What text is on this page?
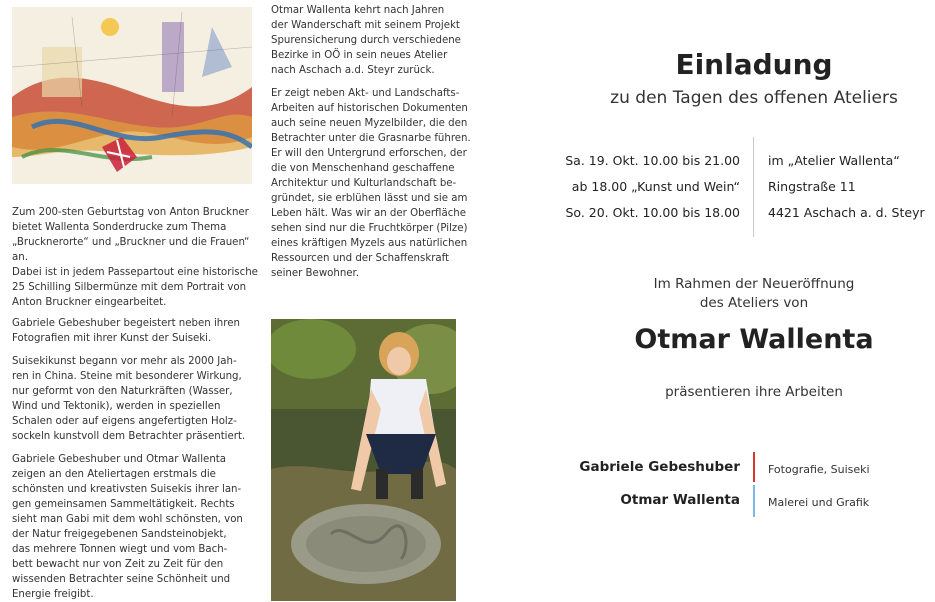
Zum 200-sten Geburtstag von Anton Bruckner
bietet Wallenta Sonderdrucke zum Thema
„Brucknerorte“ und „Bruckner und die Frauen“ an.
Dabei ist in jedem Passepartout eine historische
25 Schilling Silbermünze mit dem Portrait von
Anton Bruckner eingearbeitet.

Gabriele Gebeshuber begeistert neben ihren
Fotografien mit ihrer Kunst der Suiseki.

Suisekikunst begann vor mehr als 2000 Jah-
ren in China. Steine mit besonderer Wirkung,
nur geformt von den Naturkräften (Wasser,
Wind und Tektonik), werden in speziellen
Schalen oder auf eigens angefertigten Holz-
sockeln kunstvoll dem Betrachter präsentiert.

Gabriele Gebeshuber und Otmar Wallenta
zeigen an den Ateliertagen erstmals die
schönsten und kreativsten Suisekis ihrer lan-
gen gemeinsamen Sammeltätigkeit. Rechts
sieht man Gabi mit dem wohl schönsten, von
der Natur freigegebenen Sandsteinobjekt,
das mehrere Tonnen wiegt und vom Bach-
bett bewacht nur von Zeit zu Zeit für den
wissenden Betrachter seine Schönheit und
Energie freigibt.

Otmar Wallenta kehrt nach Jahren
der Wanderschaft mit seinem Projekt
Spurensicherung durch verschiedene
Bezirke in OÖ in sein neues Atelier
nach Aschach a.d. Steyr zurück.

Er zeigt neben Akt- und Landschafts-
Arbeiten auf historischen Dokumenten
auch seine neuen Myzelbilder, die den
Betrachter unter die Grasnarbe führen.
Er will den Untergrund erforschen, der
die von Menschenhand geschaffene
Architektur und Kulturlandschaft be-
gründet, sie erblühen lässt und sie am
Leben hält. Was wir an der Oberfläche
sehen sind nur die Fruchtkörper (Pilze)
eines kräftigen Myzels aus natürlichen
Ressourcen und der Schaffenskraft
seiner Bewohner.

Einladung
zu den Tagen des offenen Ateliers
Sa. 19. Okt. 10.00 bis 21.00
ab 18.00 „Kunst und Wein“
So. 20. Okt. 10.00 bis 18.00
im „Atelier Wallenta“
Ringstraße 11
4421 Aschach a. d. Steyr
Im Rahmen der Neueröffnung
des Ateliers von
Otmar Wallenta
präsentieren ihre Arbeiten
Gabriele Gebeshuber	Fotografie, Suiseki
Otmar Wallenta	Malerei und Grafik
